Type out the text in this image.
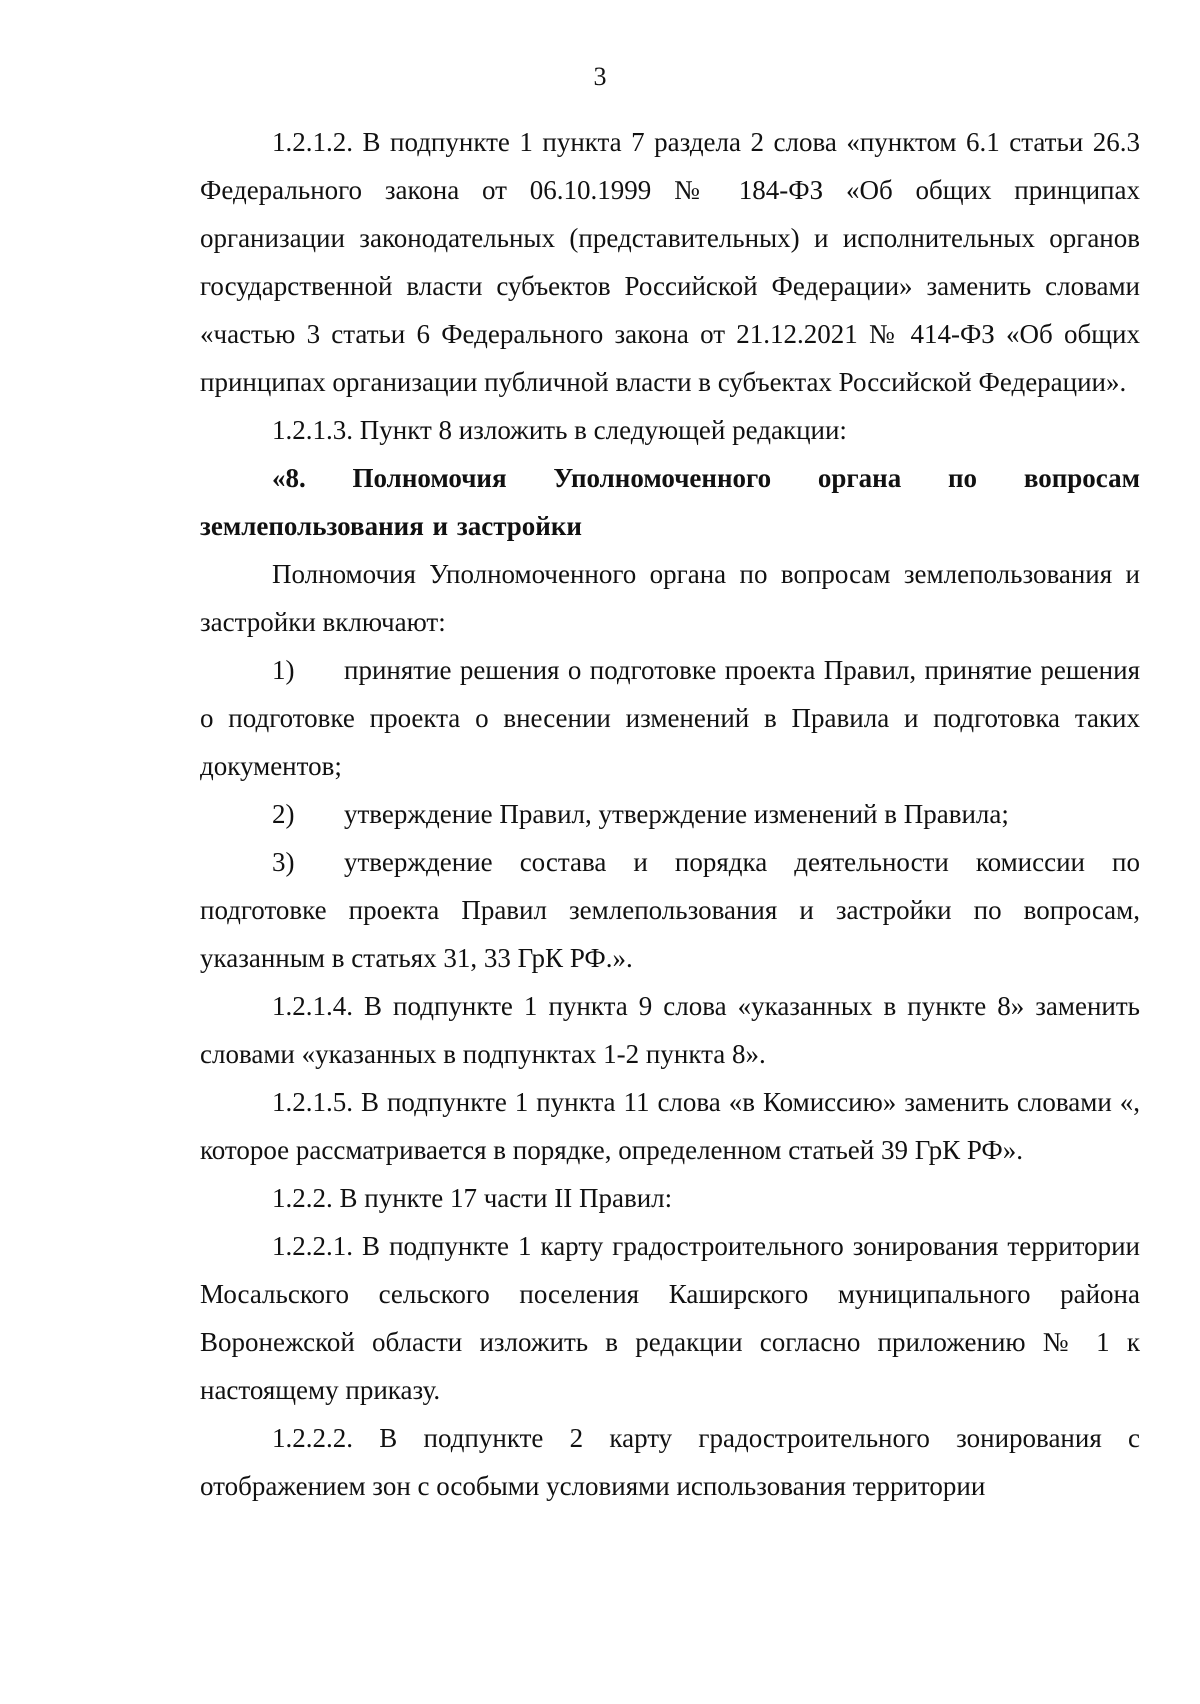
3

1.2.1.2. В подпункте 1 пункта 7 раздела 2 слова «пунктом 6.1 статьи 26.3 Федерального закона от 06.10.1999 № 184-ФЗ «Об общих принципах организации законодательных (представительных) и исполнительных органов государственной власти субъектов Российской Федерации» заменить словами «частью 3 статьи 6 Федерального закона от 21.12.2021 № 414-ФЗ «Об общих принципах организации публичной власти в субъектах Российской Федерации».

1.2.1.3. Пункт 8 изложить в следующей редакции:

«8. Полномочия Уполномоченного органа по вопросам землепользования и застройки

Полномочия Уполномоченного органа по вопросам землепользования и застройки включают:

1) принятие решения о подготовке проекта Правил, принятие решения о подготовке проекта о внесении изменений в Правила и подготовка таких документов;

2) утверждение Правил, утверждение изменений в Правила;

3) утверждение состава и порядка деятельности комиссии по подготовке проекта Правил землепользования и застройки по вопросам, указанным в статьях 31, 33 ГрК РФ.».

1.2.1.4. В подпункте 1 пункта 9 слова «указанных в пункте 8» заменить словами «указанных в подпунктах 1-2 пункта 8».

1.2.1.5. В подпункте 1 пункта 11 слова «в Комиссию» заменить словами «, которое рассматривается в порядке, определенном статьей 39 ГрК РФ».

1.2.2. В пункте 17 части II Правил:

1.2.2.1. В подпункте 1 карту градостроительного зонирования территории Мосальского сельского поселения Каширского муниципального района Воронежской области изложить в редакции согласно приложению № 1 к настоящему приказу.

1.2.2.2. В подпункте 2 карту градостроительного зонирования с отображением зон с особыми условиями использования территории
